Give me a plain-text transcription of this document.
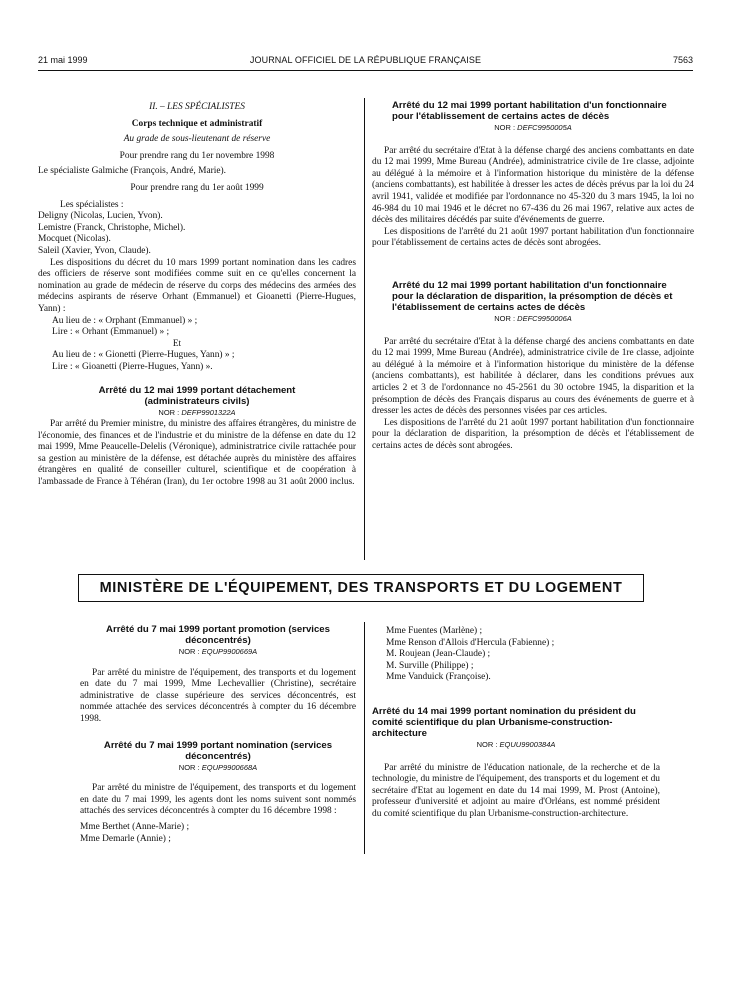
21 mai 1999	JOURNAL OFFICIEL DE LA RÉPUBLIQUE FRANÇAISE	7563

II. – LES SPÉCIALISTES

Corps technique et administratif

Au grade de sous-lieutenant de réserve

Pour prendre rang du 1er novembre 1998

Le spécialiste Galmiche (François, André, Marie).

Pour prendre rang du 1er août 1999

Les spécialistes :

Deligny (Nicolas, Lucien, Yvon).

Lemistre (Franck, Christophe, Michel).

Mocquet (Nicolas).

Saleil (Xavier, Yvon, Claude).

Les dispositions du décret du 10 mars 1999 portant nomination dans les cadres des officiers de réserve sont modifiées comme suit en ce qu'elles concernent la nomination au grade de médecin de réserve du corps des médecins des armées des médecins aspirants de réserve Orhant (Emmanuel) et Gioanetti (Pierre-Hugues, Yann) :

Au lieu de : « Orphant (Emmanuel) » ;

Lire : « Orhant (Emmanuel) » ;

Et

Au lieu de : « Gionetti (Pierre-Hugues, Yann) » ;

Lire : « Gioanetti (Pierre-Hugues, Yann) ».

Arrêté du 12 mai 1999 portant détachement (administrateurs civils)

NOR : DEFP9901322A

Par arrêté du Premier ministre, du ministre des affaires étrangères, du ministre de l'économie, des finances et de l'industrie et du ministre de la défense en date du 12 mai 1999, Mme Peaucelle-Delelis (Véronique), administratrice civile rattachée pour sa gestion au ministère de la défense, est détachée auprès du ministère des affaires étrangères en qualité de conseiller culturel, scientifique et de coopération à l'ambassade de France à Téhéran (Iran), du 1er octobre 1998 au 31 août 2000 inclus.

Arrêté du 12 mai 1999 portant habilitation d'un fonctionnaire pour l'établissement de certains actes de décès

NOR : DEFC9950005A

Par arrêté du secrétaire d'Etat à la défense chargé des anciens combattants en date du 12 mai 1999, Mme Bureau (Andrée), administratrice civile de 1re classe, adjointe au délégué à la mémoire et à l'information historique du ministère de la défense (anciens combattants), est habilitée à dresser les actes de décès prévus par la loi du 24 avril 1941, validée et modifiée par l'ordonnance no 45-320 du 3 mars 1945, la loi no 46-984 du 10 mai 1946 et le décret no 67-436 du 26 mai 1967, relative aux actes de décès des militaires décédés par suite d'événements de guerre.

Les dispositions de l'arrêté du 21 août 1997 portant habilitation d'un fonctionnaire pour l'établissement de certains actes de décès sont abrogées.

Arrêté du 12 mai 1999 portant habilitation d'un fonctionnaire pour la déclaration de disparition, la présomption de décès et l'établissement de certains actes de décès

NOR : DEFC9950006A

Par arrêté du secrétaire d'Etat à la défense chargé des anciens combattants en date du 12 mai 1999, Mme Bureau (Andrée), administratrice civile de 1re classe, adjointe au délégué à la mémoire et à l'information historique du ministère de la défense (anciens combattants), est habilitée à déclarer, dans les conditions prévues aux articles 2 et 3 de l'ordonnance no 45-2561 du 30 octobre 1945, la disparition et la présomption de décès des Français disparus au cours des événements de guerre et à dresser les actes de décès des personnes visées par ces articles.

Les dispositions de l'arrêté du 21 août 1997 portant habilitation d'un fonctionnaire pour la déclaration de disparition, la présomption de décès et l'établissement de certains actes de décès sont abrogées.

MINISTÈRE DE L'ÉQUIPEMENT, DES TRANSPORTS ET DU LOGEMENT

Arrêté du 7 mai 1999 portant promotion (services déconcentrés)

NOR : EQUP9900669A

Par arrêté du ministre de l'équipement, des transports et du logement en date du 7 mai 1999, Mme Lechevallier (Christine), secrétaire administrative de classe supérieure des services déconcentrés, est nommée attachée des services déconcentrés à compter du 16 décembre 1998.

Arrêté du 7 mai 1999 portant nomination (services déconcentrés)

NOR : EQUP9900668A

Par arrêté du ministre de l'équipement, des transports et du logement en date du 7 mai 1999, les agents dont les noms suivent sont nommés attachés des services déconcentrés à compter du 16 décembre 1998 :

Mme Berthet (Anne-Marie) ;

Mme Demarle (Annie) ;

Mme Fuentes (Marlène) ;

Mme Renson d'Allois d'Herculа (Fabienne) ;

M. Roujean (Jean-Claude) ;

M. Surville (Philippe) ;

Mme Vanduick (Françoise).

Arrêté du 14 mai 1999 portant nomination du président du comité scientifique du plan Urbanisme-construction-architecture

NOR : EQUU9900384A

Par arrêté du ministre de l'éducation nationale, de la recherche et de la technologie, du ministre de l'équipement, des transports et du logement et du secrétaire d'Etat au logement en date du 14 mai 1999, M. Prost (Antoine), professeur d'université et adjoint au maire d'Orléans, est nommé président du comité scientifique du plan Urbanisme-construction-architecture.
